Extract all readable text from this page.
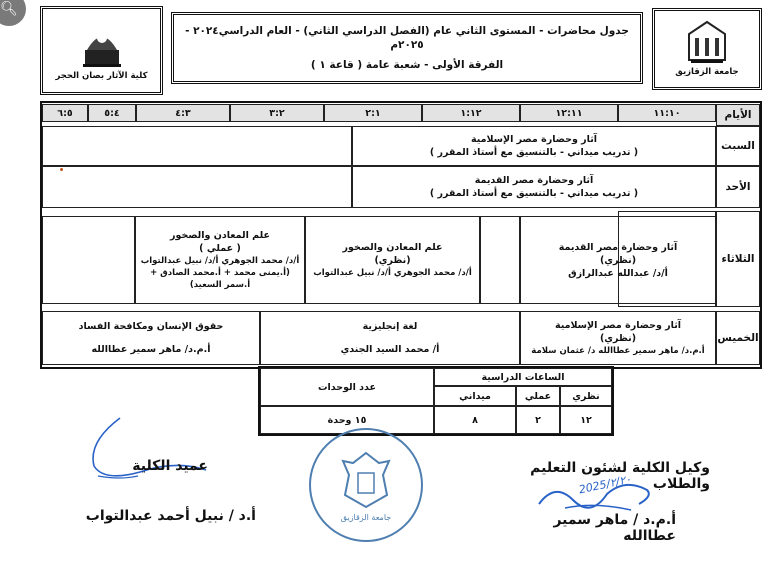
🔍︎
كلية الآثار بصان الحجر
جدول محاضرات - المستوى الثاني عام (الفصل الدراسي الثاني) - العام الدراسي٢٠٢٤ - ٢٠٢٥م
الفرقة الأولى - شعبة عامة ( قاعة ١ )
جامعة الزقازيق
الأيام
١١:١٠
١٢:١١
١:١٢
٢:١
٣:٢
٤:٣
٥:٤
٦:٥
السبت
الأحد
الثلاثاء
الخميس
آثار وحضارة مصر الإسلامية
( تدريب ميداني - بالتنسيق مع أستاذ المقرر )
آثار وحضارة مصر القديمة
( تدريب ميداني - بالتنسيق مع أستاذ المقرر )
آثار وحضارة مصر القديمة
(نظري)
أ/د/ عبدالله عبدالرازق
علم المعادن والصخور
(نظري)
أ/د/ محمد الجوهري أ/د/ نبيل عبدالتواب
علم المعادن والصخور
( عملي )
أ/د/ محمد الجوهري أ/د/ نبيل عبدالتواب
(أ.يمنى محمد + أ.محمد الصادق +
أ.سمر السعيد)
آثار وحضارة مصر الإسلامية
(نظري)
أ.م.د/ ماهر سمير عطاالله د/ عثمان سلامة
لغة إنجليزية
أ/ محمد السيد الجندي
حقوق الإنسان ومكافحة الفساد
أ.م.د/ ماهر سمير عطاالله
الساعات الدراسية
نظري
عملي
ميداني
عدد الوحدات
١٢
٢
٨
١٥ وحدة
وكيل الكلية لشئون التعليم والطلاب
2025/٢/٢٠
أ.م.د / ماهر سمير عطاالله
جامعة الزقازيق
عميد الكلية
أ.د / نبيل أحمد عبدالتواب
